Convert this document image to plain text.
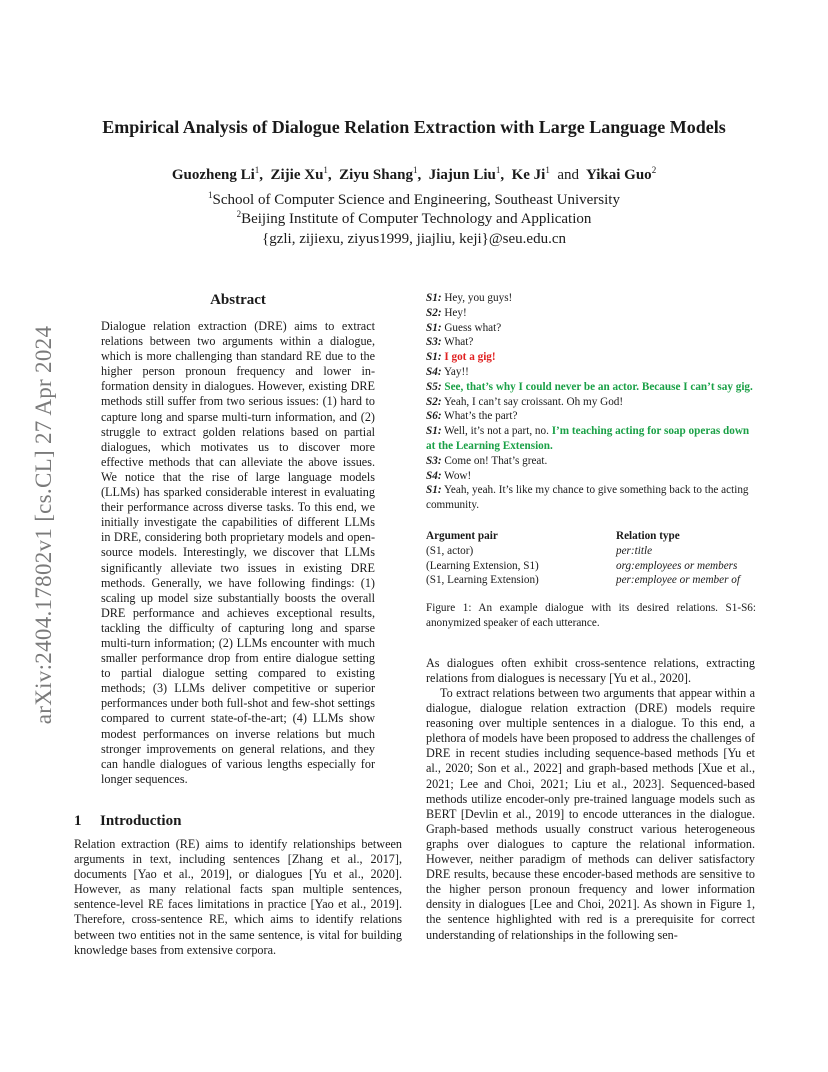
arXiv:2404.17802v1 [cs.CL] 27 Apr 2024
Empirical Analysis of Dialogue Relation Extraction with Large Language Models
Guozheng Li$^1$,  Zijie Xu$^1$,  Ziyu Shang$^1$,  Jiajun Liu$^1$,  Ke Ji$^1$ and Yikai Guo$^2$
$^1$School of Computer Science and Engineering, Southeast University
$^2$Beijing Institute of Computer Technology and Application
{gzli, zijiexu, ziyus1999, jiajliu, keji}@seu.edu.cn
Abstract
Dialogue relation extraction (DRE) aims to extract relations between two arguments within a dialogue, which is more challenging than standard RE due to the higher person pronoun frequency and lower information density in dialogues. However, existing DRE methods still suffer from two serious issues: (1) hard to capture long and sparse multi-turn information, and (2) struggle to extract golden relations based on partial dialogues, which motivates us to discover more effective methods that can alleviate the above issues. We notice that the rise of large language models (LLMs) has sparked considerable interest in evaluating their performance across diverse tasks. To this end, we initially investigate the capabilities of different LLMs in DRE, considering both proprietary models and open-source models. Interestingly, we discover that LLMs significantly alleviate two issues in existing DRE methods. Generally, we have following findings: (1) scaling up model size substantially boosts the overall DRE performance and achieves exceptional results, tackling the difficulty of capturing long and sparse multi-turn information; (2) LLMs encounter with much smaller performance drop from entire dialogue setting to partial dialogue setting compared to existing methods; (3) LLMs deliver competitive or superior performances under both full-shot and few-shot settings compared to current state-of-the-art; (4) LLMs show modest performances on inverse relations but much stronger improvements on general relations, and they can handle dialogues of various lengths especially for longer sequences.
1 Introduction
Relation extraction (RE) aims to identify relationships between arguments in text, including sentences [Zhang et al., 2017], documents [Yao et al., 2019], or dialogues [Yu et al., 2020]. However, as many relational facts span multiple sentences, sentence-level RE faces limitations in practice [Yao et al., 2019]. Therefore, cross-sentence RE, which aims to identify relations between two entities not in the same sentence, is vital for building knowledge bases from extensive corpora.
S1: Hey, you guys!
S2: Hey!
S1: Guess what?
S3: What?
S1: I got a gig!
S4: Yay!!
S5: See, that’s why I could never be an actor. Because I can’t say gig.
S2: Yeah, I can’t say croissant. Oh my God!
S6: What’s the part?
S1: Well, it’s not a part, no. I’m teaching acting for soap operas down at the Learning Extension.
S3: Come on! That’s great.
S4: Wow!
S1: Yeah, yeah. It’s like my chance to give something back to the acting community.
Argument pair	Relation type
(S1, actor)	per:title
(Learning Extension, S1)	org:employees or members
(S1, Learning Extension)	per:employee or member of
Figure 1: An example dialogue with its desired relations. S1-S6: anonymized speaker of each utterance.
As dialogues often exhibit cross-sentence relations, extracting relations from dialogues is necessary [Yu et al., 2020].
To extract relations between two arguments that appear within a dialogue, dialogue relation extraction (DRE) models require reasoning over multiple sentences in a dialogue. To this end, a plethora of models have been proposed to address the challenges of DRE in recent studies including sequence-based methods [Yu et al., 2020; Son et al., 2022] and graph-based methods [Xue et al., 2021; Lee and Choi, 2021; Liu et al., 2023]. Sequenced-based methods utilize encoder-only pre-trained language models such as BERT [Devlin et al., 2019] to encode utterances in the dialogue. Graph-based methods usually construct various heterogeneous graphs over dialogues to capture the relational information. However, neither paradigm of methods can deliver satisfactory DRE results, because these encoder-based methods are sensitive to the higher person pronoun frequency and lower information density in dialogues [Lee and Choi, 2021]. As shown in Figure 1, the sentence highlighted with red is a prerequisite for correct understanding of relationships in the following sen-
